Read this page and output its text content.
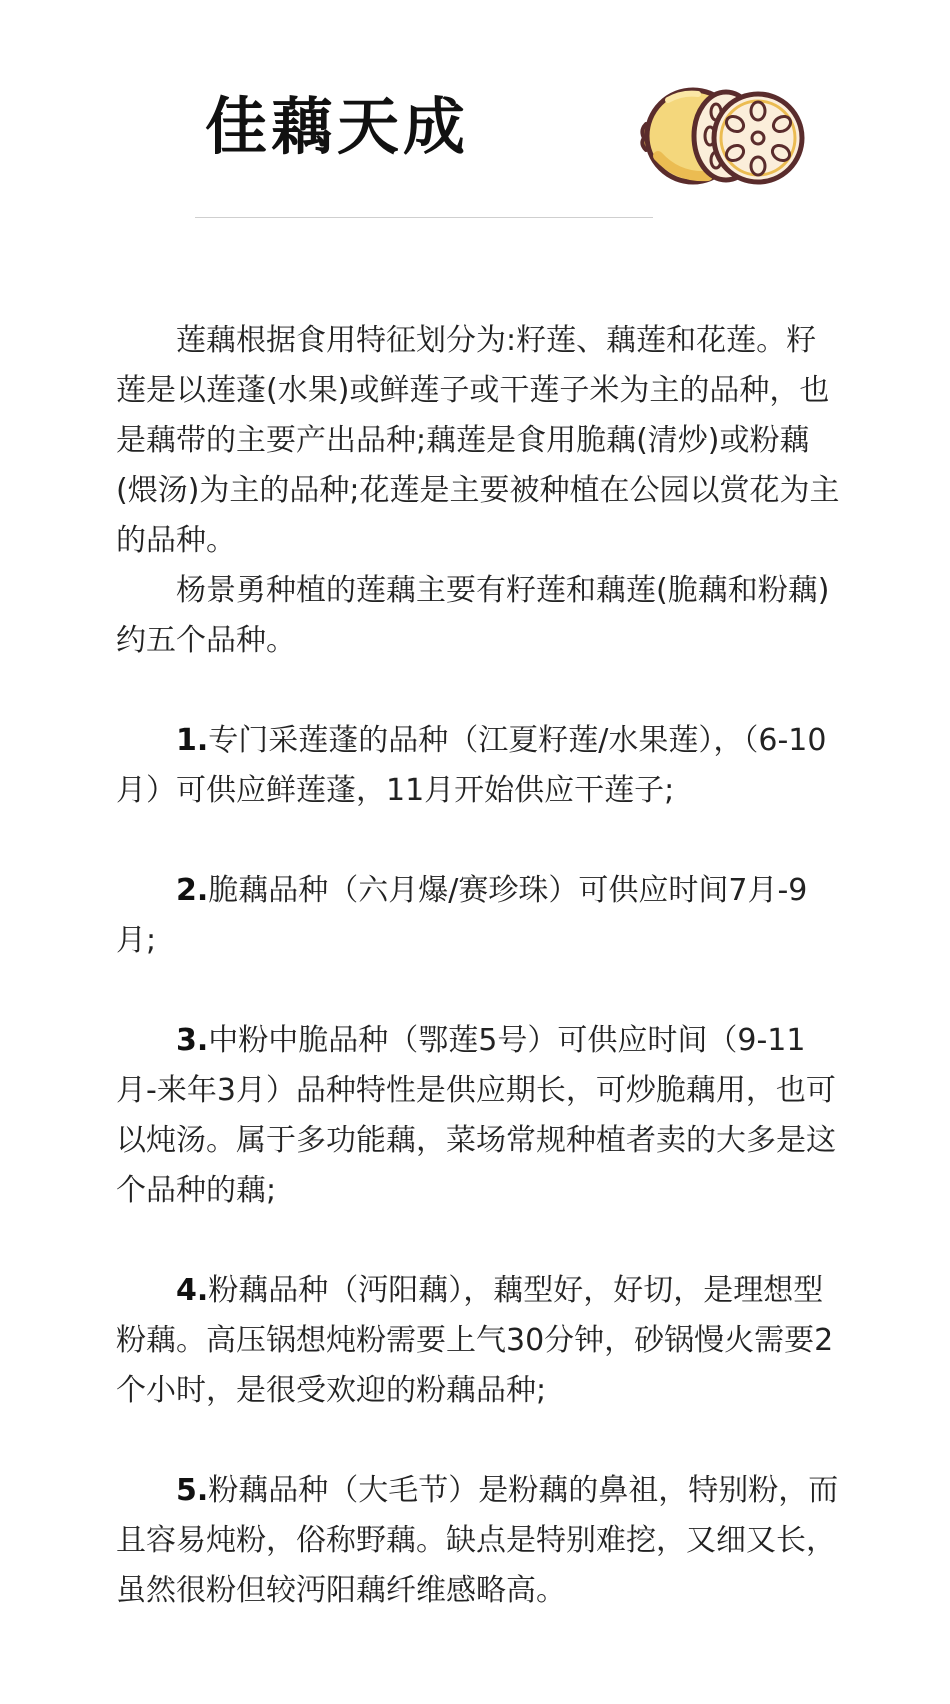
佳藕天成

莲藕根据食用特征划分为:籽莲、藕莲和花莲。籽莲是以莲蓬(水果)或鲜莲子或干莲子米为主的品种，也是藕带的主要产出品种;藕莲是食用脆藕(清炒)或粉藕(煨汤)为主的品种;花莲是主要被种植在公园以赏花为主的品种。

杨景勇种植的莲藕主要有籽莲和藕莲(脆藕和粉藕)约五个品种。

1.专门采莲蓬的品种（江夏籽莲/水果莲），（6-10月）可供应鲜莲蓬，11月开始供应干莲子;

2.脆藕品种（六月爆/赛珍珠）可供应时间7月-9月;

3.中粉中脆品种（鄂莲5号）可供应时间（9-11月-来年3月）品种特性是供应期长，可炒脆藕用，也可以炖汤。属于多功能藕，菜场常规种植者卖的大多是这个品种的藕;

4.粉藕品种（沔阳藕），藕型好，好切，是理想型粉藕。高压锅想炖粉需要上气30分钟，砂锅慢火需要2个小时，是很受欢迎的粉藕品种;

5.粉藕品种（大毛节）是粉藕的鼻祖，特别粉，而且容易炖粉，俗称野藕。缺点是特别难挖，又细又长，虽然很粉但较沔阳藕纤维感略高。
